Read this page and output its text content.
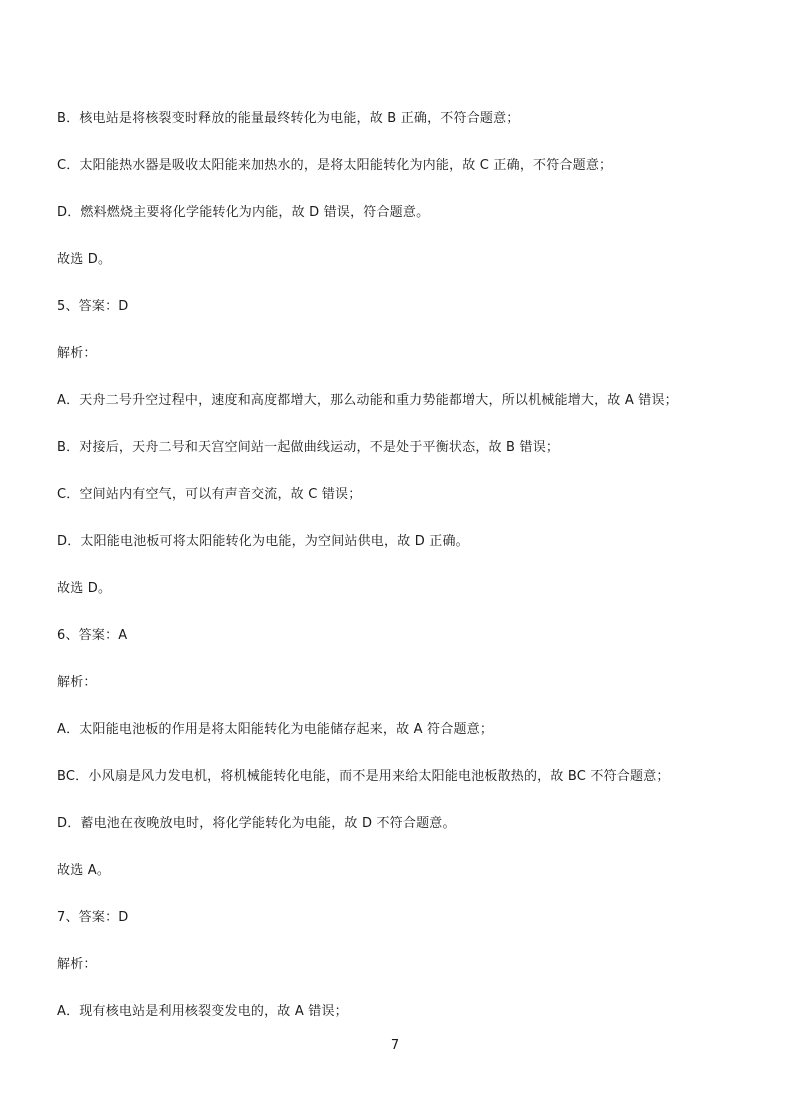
B．核电站是将核裂变时释放的能量最终转化为电能，故 B 正确，不符合题意；
C．太阳能热水器是吸收太阳能来加热水的，是将太阳能转化为内能，故 C 正确，不符合题意；
D．燃料燃烧主要将化学能转化为内能，故 D 错误，符合题意。
故选 D。
5、答案：D
解析：
A．天舟二号升空过程中，速度和高度都增大，那么动能和重力势能都增大，所以机械能增大，故 A 错误；
B．对接后，天舟二号和天宫空间站一起做曲线运动，不是处于平衡状态，故 B 错误；
C．空间站内有空气，可以有声音交流，故 C 错误；
D．太阳能电池板可将太阳能转化为电能，为空间站供电，故 D 正确。
故选 D。
6、答案：A
解析：
A．太阳能电池板的作用是将太阳能转化为电能储存起来，故 A 符合题意；
BC．小风扇是风力发电机，将机械能转化电能，而不是用来给太阳能电池板散热的，故 BC 不符合题意；
D．蓄电池在夜晚放电时，将化学能转化为电能，故 D 不符合题意。
故选 A。
7、答案：D
解析：
A．现有核电站是利用核裂变发电的，故 A 错误；
7
